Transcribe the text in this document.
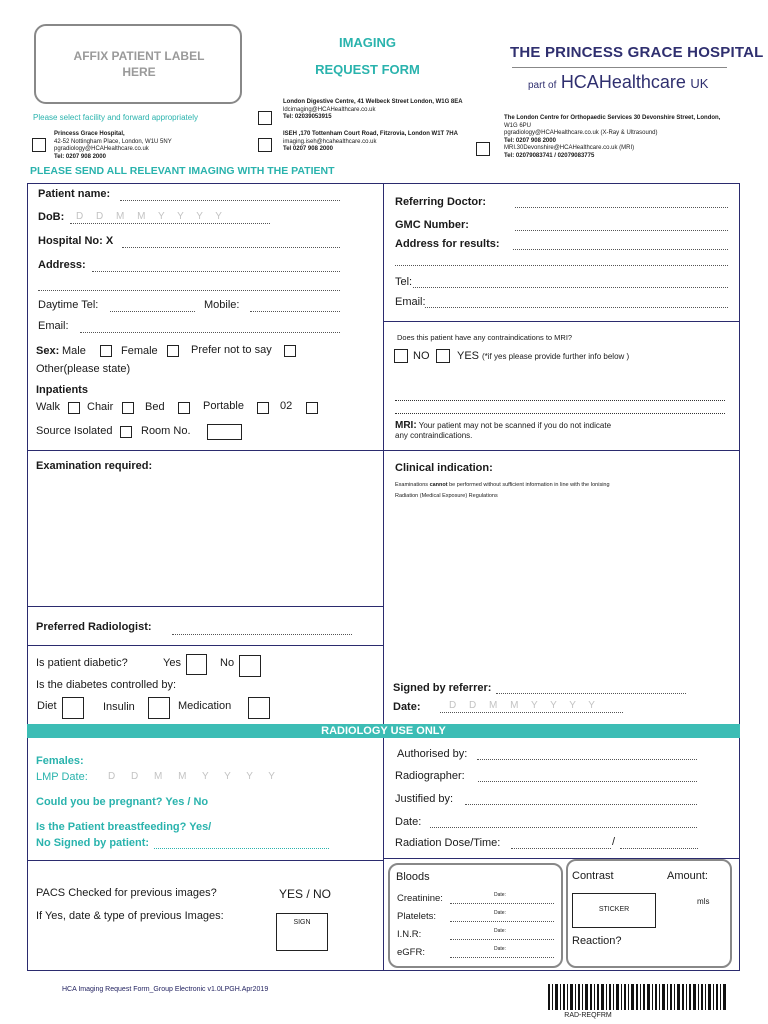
AFFIX PATIENT LABEL HERE
IMAGING
REQUEST FORM
THE PRINCESS GRACE HOSPITAL
part of HCAHealthcare UK
Please select facility and forward appropriately
Princess Grace Hospital,
42-52 Nottingham Place, London, W1U 5NY
pgradiology@HCAHealthcare.co.uk
Tel: 0207 908 2000
London Digestive Centre, 41 Welbeck Street London, W1G 8EA
ldcimaging@HCAHealthcare.co.uk
Tel: 02039053915
ISEH ,170 Tottenham Court Road, Fitzrovia, London W1T 7HA
imaging.iseh@hcahealthcare.co.uk
Tel 0207 908 2000
The London Centre for Orthopaedic Services 30 Devonshire Street, London,
W1G 6PU
pgradiology@HCAHealthcare.co.uk (X-Ray & Ultrasound)
Tel: 0207 908 2000
MRI.30Devonshire@HCAHealthcare.co.uk (MRI)
Tel: 02079083741 / 02079083775
PLEASE SEND ALL RELEVANT IMAGING WITH THE PATIENT
Patient name:
DoB: D D M M Y Y Y Y
Hospital No: X
Address:
Daytime Tel:	Mobile:
Email:
Sex: Male	Female	Prefer not to say
Other(please state)
Inpatients
Walk Chair	Bed	Portable	02
Source Isolated	Room No.
Referring Doctor:
GMC Number:
Address for results:
Tel:
Email:
Does this patient have any contraindications to MRI?
NO	YES (*if yes please provide further info below )
MRI: Your patient may not be scanned if you do not indicate
any contraindications.
Examination required:	Clinical indication:
Examinations cannot be performed without sufficient information in line with the Ionising
Radiation (Medical Exposure) Regulations
Preferred Radiologist:
Is patient diabetic?	Yes	No
Is the diabetes controlled by:
Diet	Insulin	Medication
Signed by referrer:
Date:	D D M M Y Y Y Y
RADIOLOGY USE ONLY
Females:
LMP Date: D D M M Y Y Y Y
Could you be pregnant? Yes / No
Is the Patient breastfeeding? Yes/
No Signed by patient:
Authorised by:
Radiographer:
Justified by:
Date:
Radiation Dose/Time:	/
PACS Checked for previous images?	YES / NO
If Yes, date & type of previous Images:
SIGN
Bloods
Creatinine:	Date:
Platelets:	Date:
I.N.R:	Date:
eGFR:	Date:
Contrast	Amount:
mls
STICKER
Reaction?
HCA Imaging Request Form_Group Electronic v1.0LPGH.Apr2019
RAD-REQFRM
